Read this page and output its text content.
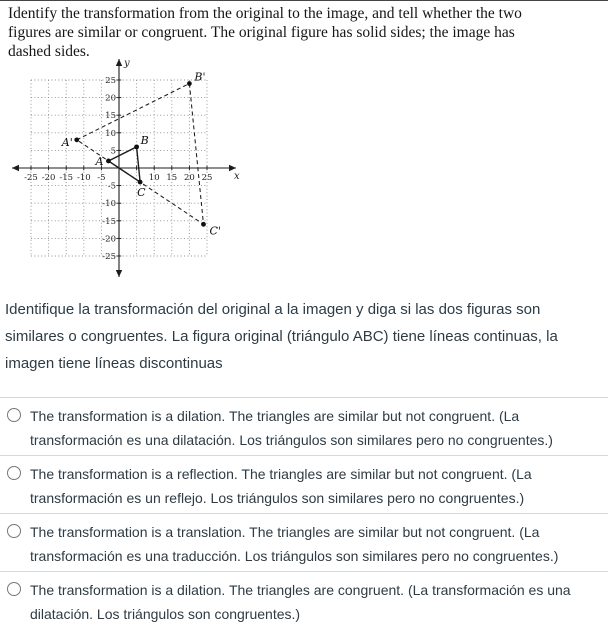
Identify the transformation from the original to the image, and tell whether the two
figures are similar or congruent. The original figure has solid sides; the image has
dashed sides.
-25 -20 -15 -10 -5	10 15 20 25
25
20
15
10
5
-5
-10
-15
-20
-25
x
y
A'
B'
C'
A
B
C
Identifique la transformación del original a la imagen y diga si las dos figuras son
similares o congruentes. La figura original (triángulo ABC) tiene líneas continuas, la
imagen tiene líneas discontinuas
The transformation is a dilation. The triangles are similar but not congruent. (La
transformación es una dilatación. Los triángulos son similares pero no congruentes.)
The transformation is a reflection. The triangles are similar but not congruent. (La
transformación es un reflejo. Los triángulos son similares pero no congruentes.)
The transformation is a translation. The triangles are similar but not congruent. (La
transformación es una traducción. Los triángulos son similares pero no congruentes.)
The transformation is a dilation. The triangles are congruent. (La transformación es una
dilatación. Los triángulos son congruentes.)
